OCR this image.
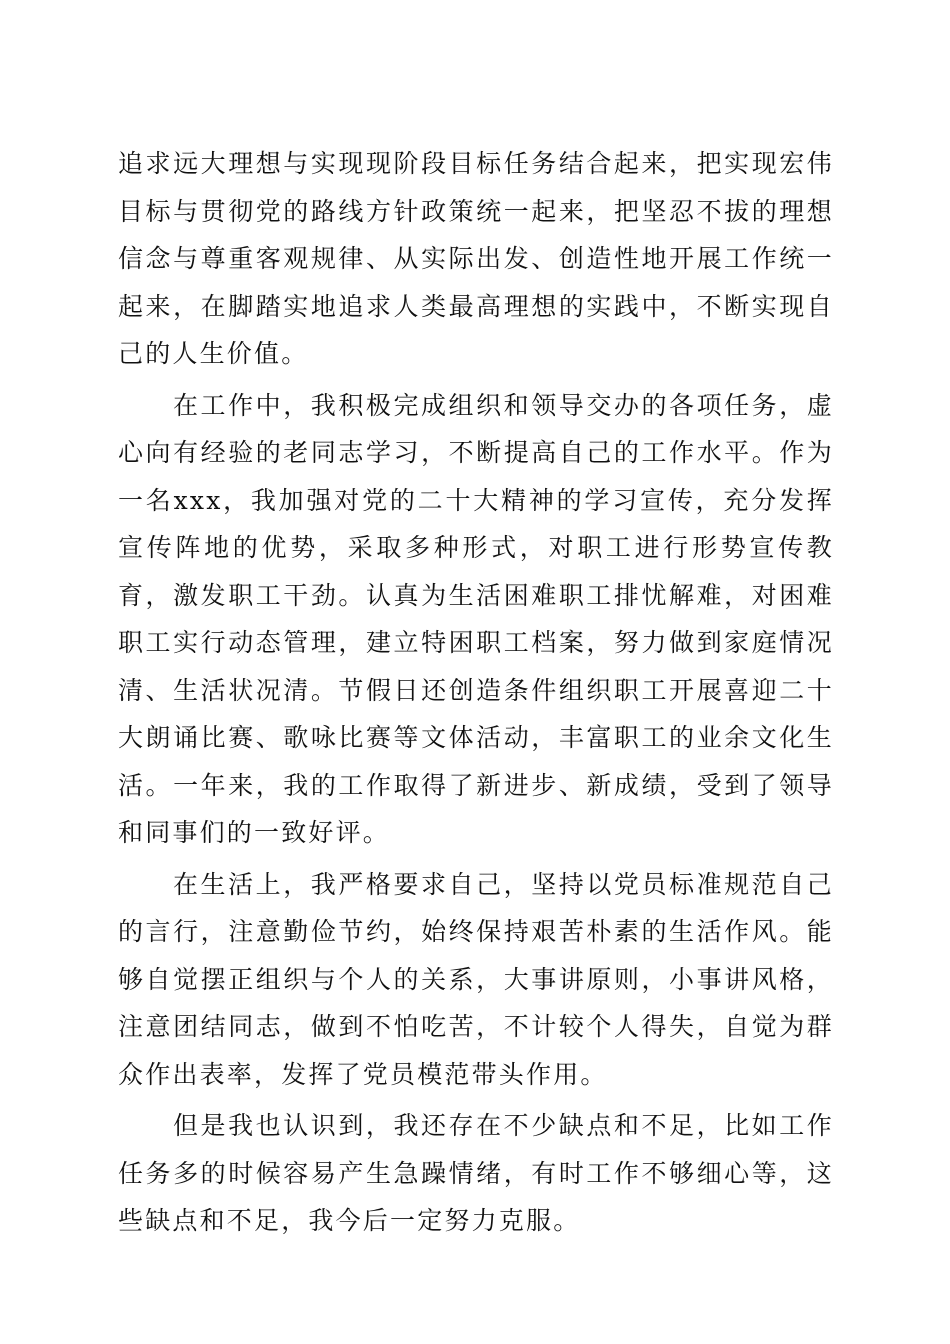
追求远大理想与实现现阶段目标任务结合起来，把实现宏伟目标与贯彻党的路线方针政策统一起来，把坚忍不拔的理想信念与尊重客观规律、从实际出发、创造性地开展工作统一起来，在脚踏实地追求人类最高理想的实践中，不断实现自己的人生价值。

在工作中，我积极完成组织和领导交办的各项任务，虚心向有经验的老同志学习，不断提高自己的工作水平。作为一名xxx，我加强对党的二十大精神的学习宣传，充分发挥宣传阵地的优势，采取多种形式，对职工进行形势宣传教育，激发职工干劲。认真为生活困难职工排忧解难，对困难职工实行动态管理，建立特困职工档案，努力做到家庭情况清、生活状况清。节假日还创造条件组织职工开展喜迎二十大朗诵比赛、歌咏比赛等文体活动，丰富职工的业余文化生活。一年来，我的工作取得了新进步、新成绩，受到了领导和同事们的一致好评。

在生活上，我严格要求自己，坚持以党员标准规范自己的言行，注意勤俭节约，始终保持艰苦朴素的生活作风。能够自觉摆正组织与个人的关系，大事讲原则，小事讲风格，注意团结同志，做到不怕吃苦，不计较个人得失，自觉为群众作出表率，发挥了党员模范带头作用。

但是我也认识到，我还存在不少缺点和不足，比如工作任务多的时候容易产生急躁情绪，有时工作不够细心等，这些缺点和不足，我今后一定努力克服。
